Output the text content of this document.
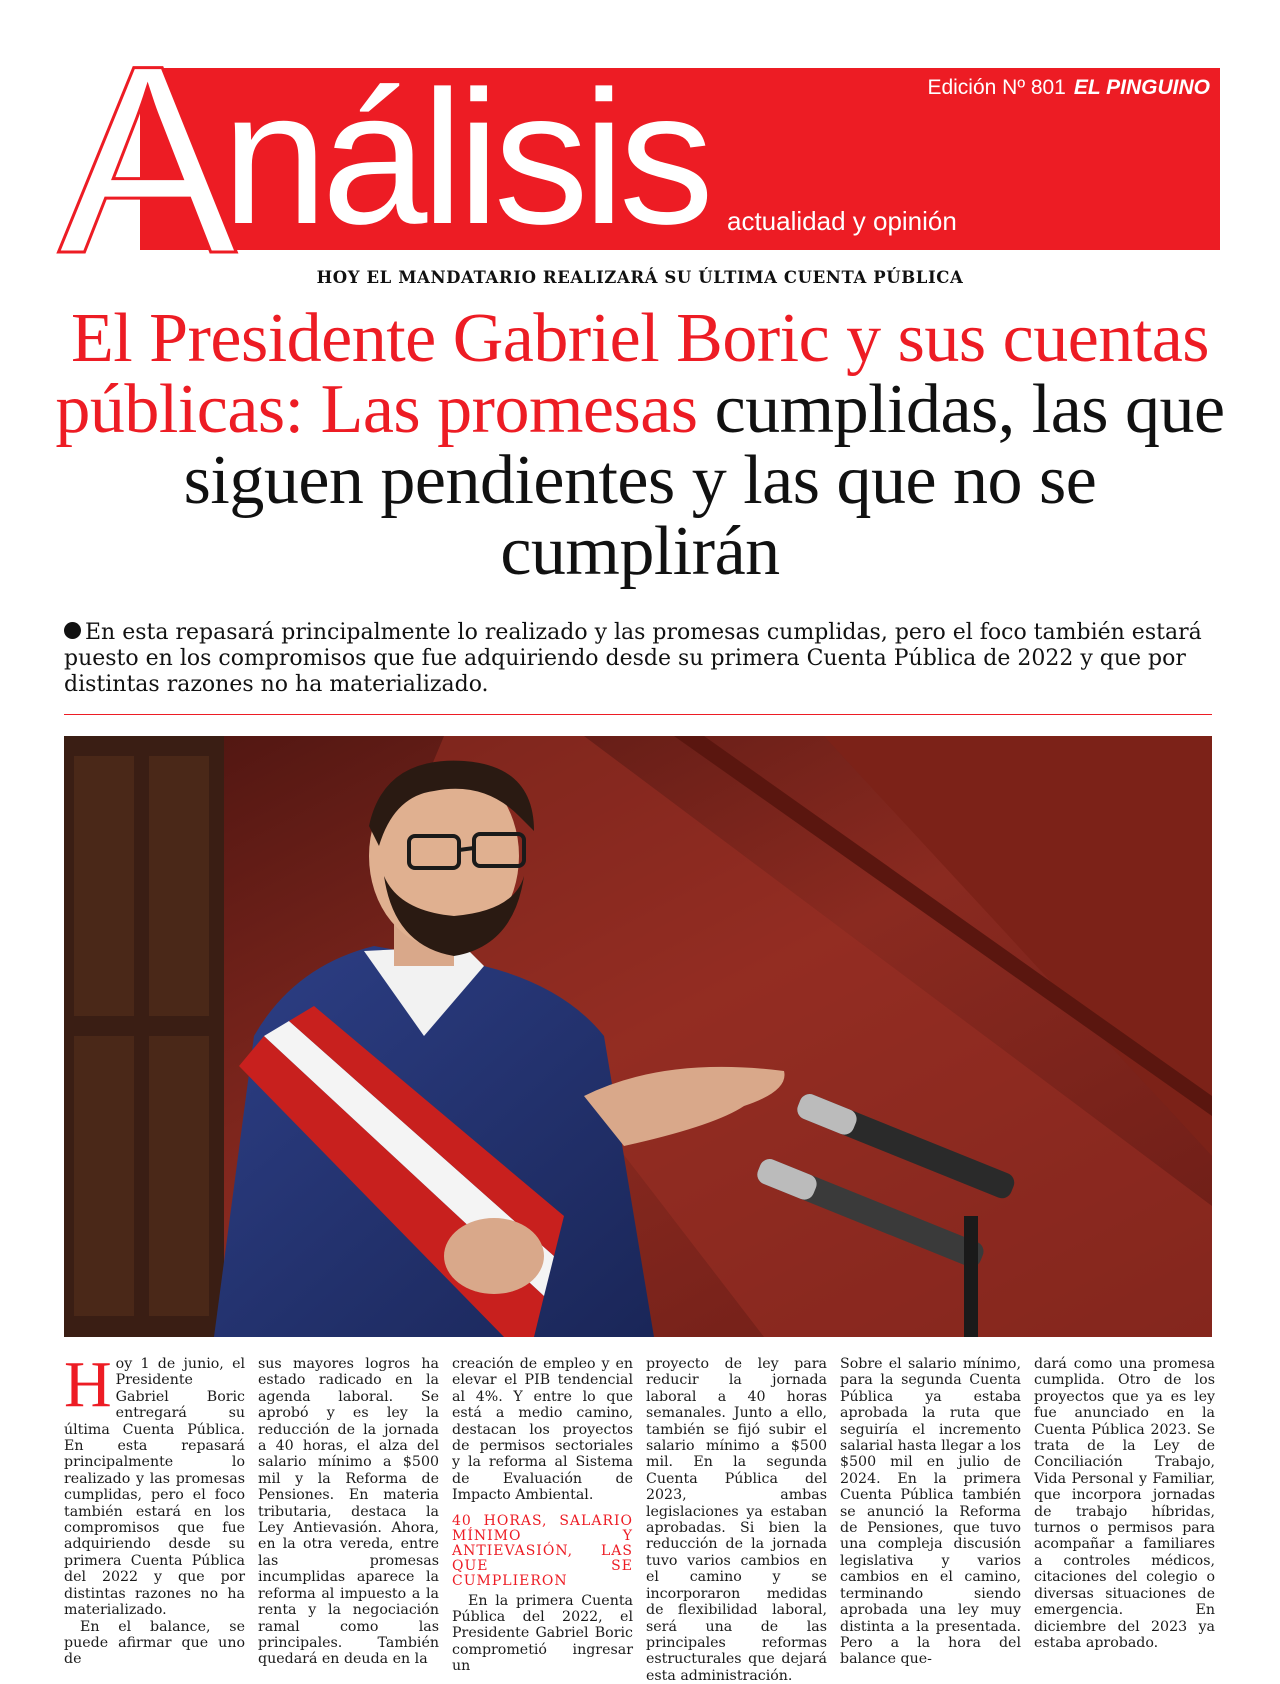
A
nálisis actualidad y opinión
Edición Nº 801 EL PINGUINO
HOY EL MANDATARIO REALIZARÁ SU ÚLTIMA CUENTA PÚBLICA
El Presidente Gabriel Boric y sus cuentas públicas: Las promesas cumplidas, las que siguen pendientes y las que no se cumplirán

En esta repasará principalmente lo realizado y las promesas cumplidas, pero el foco también estará puesto en los compromisos que fue adquiriendo desde su primera Cuenta Pública de 2022 y que por distintas razones no ha materializado.

H oy 1 de junio, el Presidente Gabriel Boric entregará su última Cuenta Pública. En esta repasará principalmente lo realizado y las promesas cumplidas, pero el foco también estará en los compromisos que fue adquiriendo desde su primera Cuenta Pública del 2022 y que por distintas razones no ha materializado.

En el balance, se puede afirmar que uno de

sus mayores logros ha estado radicado en la agenda laboral. Se aprobó y es ley la reducción de la jornada a 40 horas, el alza del salario mínimo a $500 mil y la Reforma de Pensiones. En materia tributaria, destaca la Ley Antievasión. Ahora, en la otra vereda, entre las promesas incumplidas aparece la reforma al impuesto a la renta y la negociación ramal como las principales. También quedará en deuda en la

creación de empleo y en elevar el PIB tendencial al 4%. Y entre lo que está a medio camino, destacan los proyectos de permisos sectoriales y la reforma al Sistema de Evaluación de Impacto Ambiental.

40 HORAS, SALARIO MÍNIMO Y ANTIEVASIÓN, LAS QUE SE CUMPLIERON

En la primera Cuenta Pública del 2022, el Presidente Gabriel Boric comprometió ingresar un

proyecto de ley para reducir la jornada laboral a 40 horas semanales. Junto a ello, también se fijó subir el salario mínimo a $500 mil. En la segunda Cuenta Pública del 2023, ambas legislaciones ya estaban aprobadas. Si bien la reducción de la jornada tuvo varios cambios en el camino y se incorporaron medidas de flexibilidad laboral, será una de las principales reformas estructurales que dejará esta administración.

Sobre el salario mínimo, para la segunda Cuenta Pública ya estaba aprobada la ruta que seguiría el incremento salarial hasta llegar a los $500 mil en julio de 2024. En la primera Cuenta Pública también se anunció la Reforma de Pensiones, que tuvo una compleja discusión legislativa y varios cambios en el camino, terminando siendo aprobada una ley muy distinta a la presentada. Pero a la hora del balance que-

dará como una promesa cumplida. Otro de los proyectos que ya es ley fue anunciado en la Cuenta Pública 2023. Se trata de la Ley de Conciliación Trabajo, Vida Personal y Familiar, que incorpora jornadas de trabajo híbridas, turnos o permisos para acompañar a familiares a controles médicos, citaciones del colegio o diversas situaciones de emergencia. En diciembre del 2023 ya estaba aprobado.
